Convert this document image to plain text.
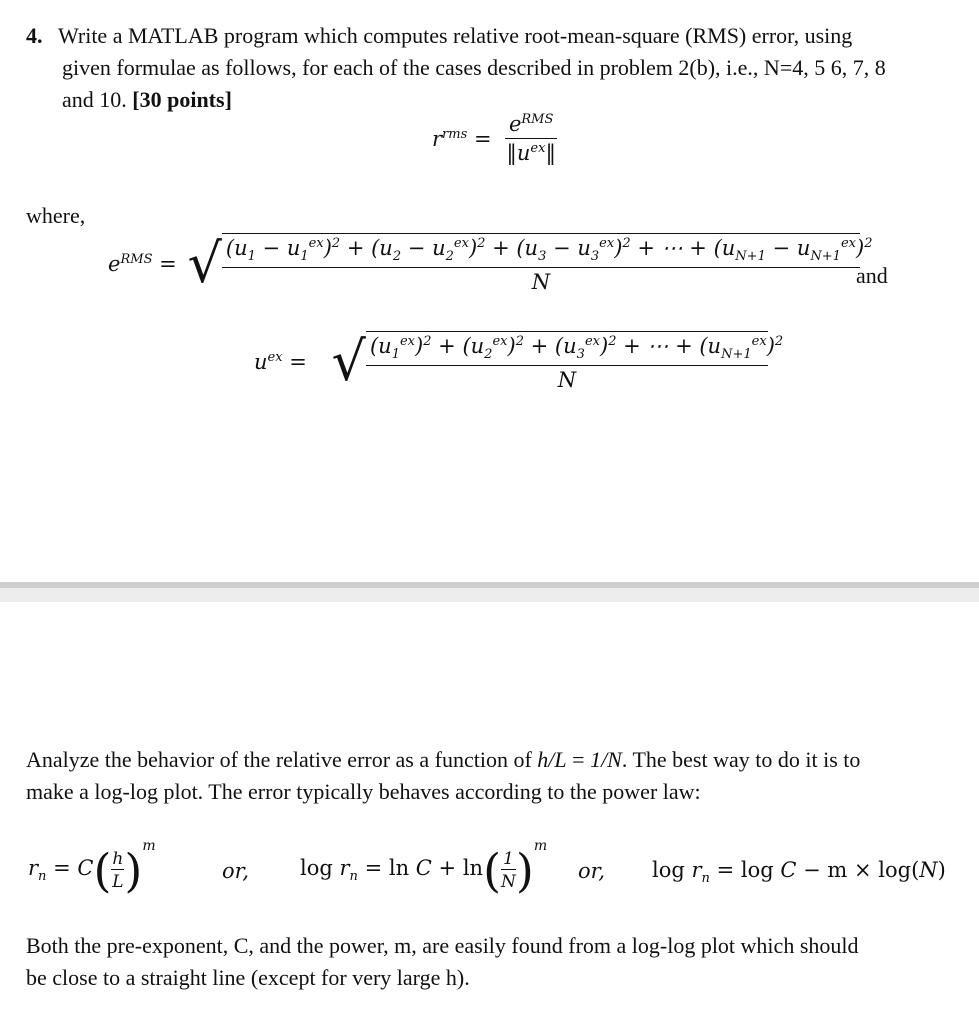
4. Write a MATLAB program which computes relative root-mean-square (RMS) error, using
given formulae as follows, for each of the cases described in problem 2(b), i.e., N=4, 5 6, 7, 8
and 10. [30 points]
$r^{rms} = \frac{e^{RMS}}{‖u^{ex}‖}$
where,
$e^{RMS}$ = √ $(u_1 - u_1^{ex})^2 + (u_2 - u_2^{ex})^2 + (u_3 - u_3^{ex})^2$ + ⋯ + $(u_{N+1} - u_{N+1}^{ex})^2$
N	and
$u^{ex}$ = √ $\frac{(u_1^{ex})^2 + (u_2^{ex})^2 + (u_3^{ex})^2 + \cdots + (u_{N+1}^{ex})^2}{N}$
Analyze the behavior of the relative error as a function of h/L = 1/N. The best way to do it is to
make a log-log plot. The error typically behaves according to the power law:
$r_n = C( \frac{h}{L} )^m$
or, $\log r_n = \ln C + \ln( \frac{1}{N} )^m$
or, $\log r_n = \log C - m \times \log(N)$
Both the pre-exponent, C, and the power, m, are easily found from a log-log plot which should
be close to a straight line (except for very large h).
